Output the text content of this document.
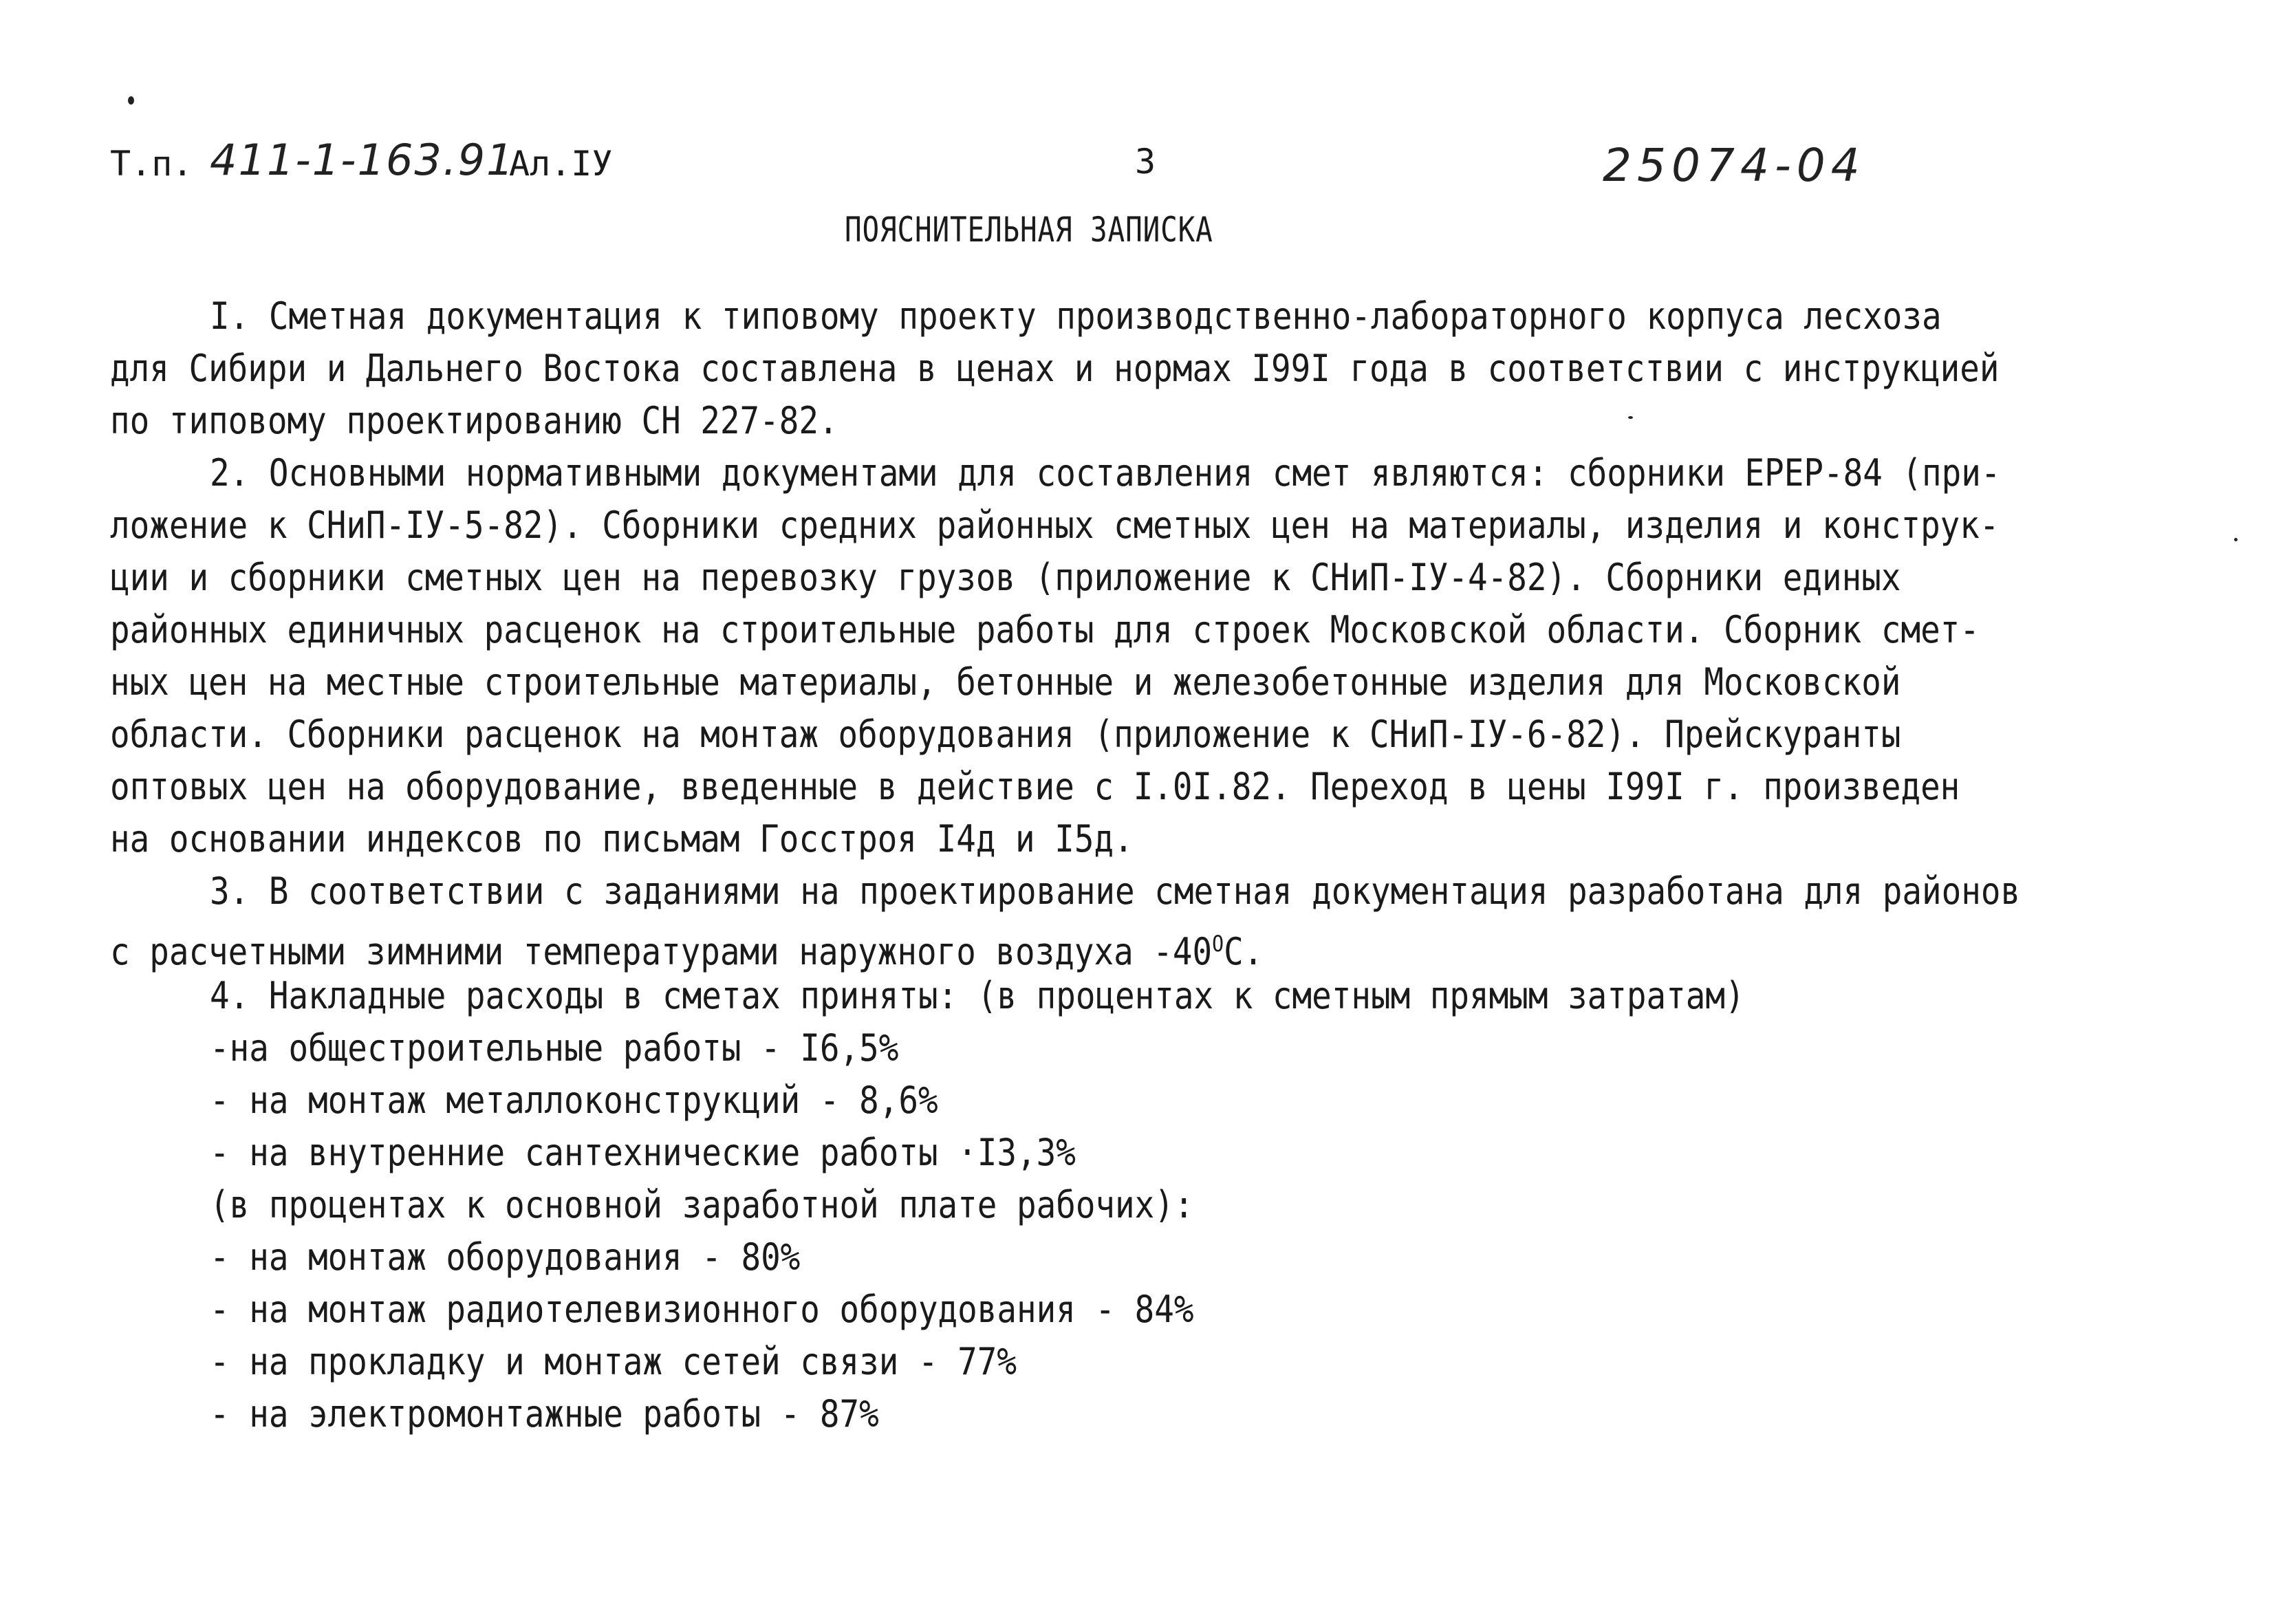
Т.п. 411-1-163.91
Ал.IУ	3	25074-04
ПОЯСНИТЕЛЬНАЯ ЗАПИСКА
I. Сметная документация к типовому проекту производственно-лабораторного корпуса лесхоза
для Сибири и Дальнего Востока составлена в ценах и нормах I99I года в соответствии с инструкцией
по типовому проектированию СН 227-82.
2. Основными нормативными документами для составления смет являются: сборники ЕРЕР-84 (при-
ложение к СНиП-IУ-5-82). Сборники средних районных сметных цен на материалы, изделия и конструк-
ции и сборники сметных цен на перевозку грузов (приложение к СНиП-IУ-4-82). Сборники единых
районных единичных расценок на строительные работы для строек Московской области. Сборник смет-
ных цен на местные строительные материалы, бетонные и железобетонные изделия для Московской
области. Сборники расценок на монтаж оборудования (приложение к СНиП-IУ-6-82). Прейскуранты
оптовых цен на оборудование, введенные в действие с I.0I.82. Переход в цены I99I г. произведен
на основании индексов по письмам Госстроя I4д и I5д.
3. В соответствии с заданиями на проектирование сметная документация разработана для районов
с расчетными зимними температурами наружного воздуха $-40^OC$.
4. Накладные расходы в сметах приняты: (в процентах к сметным прямым затратам)
-на общестроительные работы - I6,5%
- на монтаж металлоконструкций - 8,6%
- на внутренние сантехнические работы ·I3,3%
(в процентах к основной заработной плате рабочих):
- на монтаж оборудования - 80%
- на монтаж радиотелевизионного оборудования - 84%
- на прокладку и монтаж сетей связи - 77%
- на электромонтажные работы - 87%
